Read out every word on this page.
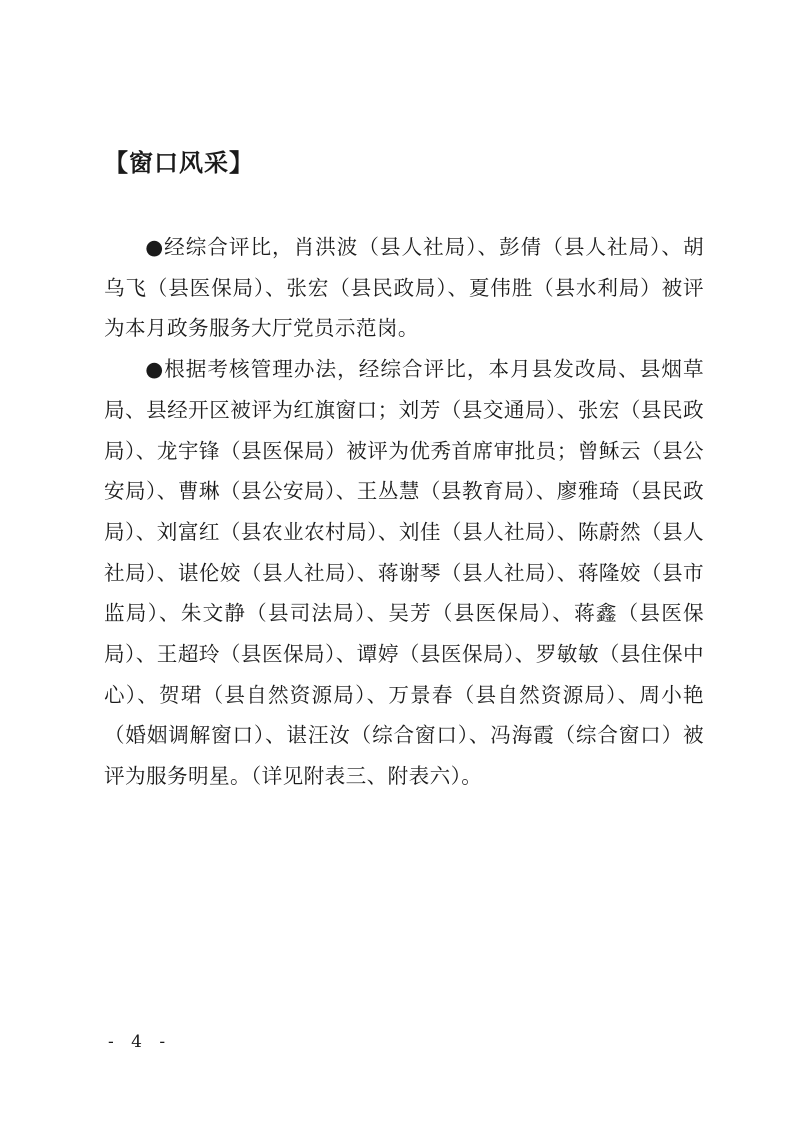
【窗口风采】

●经综合评比，肖洪波（县人社局）、彭倩（县人社局）、胡乌飞（县医保局）、张宏（县民政局）、夏伟胜（县水利局）被评为本月政务服务大厅党员示范岗。

●根据考核管理办法，经综合评比，本月县发改局、县烟草局、县经开区被评为红旗窗口；刘芳（县交通局）、张宏（县民政局）、龙宇锋（县医保局）被评为优秀首席审批员；曾稣云（县公安局）、曹琳（县公安局）、王丛慧（县教育局）、廖雅琦（县民政局）、刘富红（县农业农村局）、刘佳（县人社局）、陈蔚然（县人社局）、谌伦姣（县人社局）、蒋谢琴（县人社局）、蒋隆姣（县市监局）、朱文静（县司法局）、吴芳（县医保局）、蒋鑫（县医保局）、王超玲（县医保局）、谭婷（县医保局）、罗敏敏（县住保中心）、贺珺（县自然资源局）、万景春（县自然资源局）、周小艳（婚姻调解窗口）、谌汪汝（综合窗口）、冯海霞（综合窗口）被评为服务明星。（详见附表三、附表六）。

- 4 -
